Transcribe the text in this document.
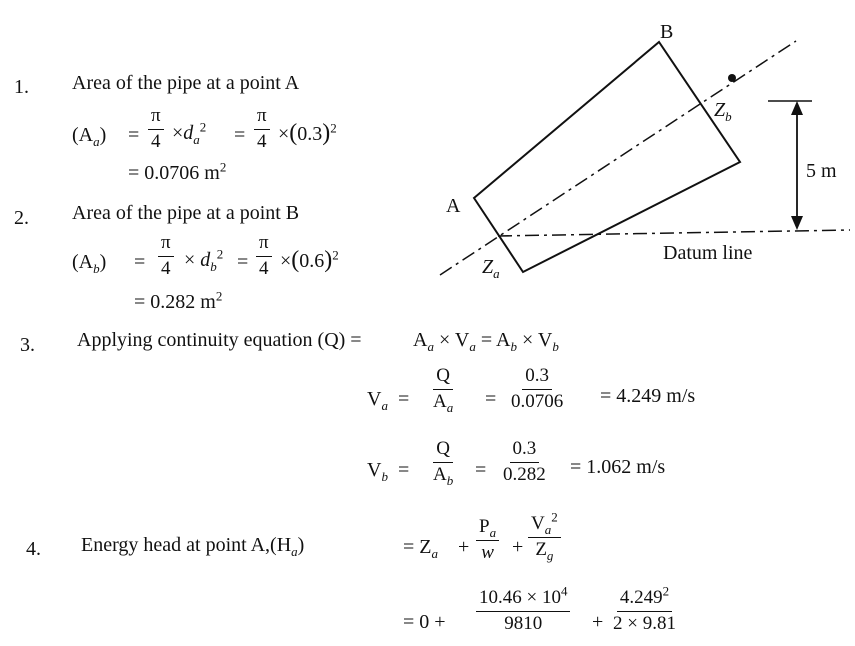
1. Area of the pipe at a point A
$(A_a) = \frac{\pi}{4} \times d_a^2 = \frac{\pi}{4} \times(0.3)^2$
= 0.0706 $m^2$
2. Area of the pipe at a point B
$(A_b) = \frac{\pi}{4} \times d_b^2 = \frac{\pi}{4} \times(0.6)^2$
= 0.282 $m^2$
3. Applying continuity equation (Q) =	$A_a \times V_a = A_b \times V_b$
$V_a = \frac{Q}{A_a} = \frac{0.3}{0.0706} = 4.249$ m/s
$V_b = \frac{Q}{A_b} = \frac{0.3}{0.282} = 1.062$ m/s
4. Energy head at point $A,(H_a)$	= $Z_a + \frac{P_a}{w} + \frac{V_a^2}{Z_g}$
= $0 + \frac{10.46 \times 10^4}{9810} + \frac{4.249^2}{2 \times 9.81}$
B
A
$Z_b$
$Z_a$
5 m
Datum line
